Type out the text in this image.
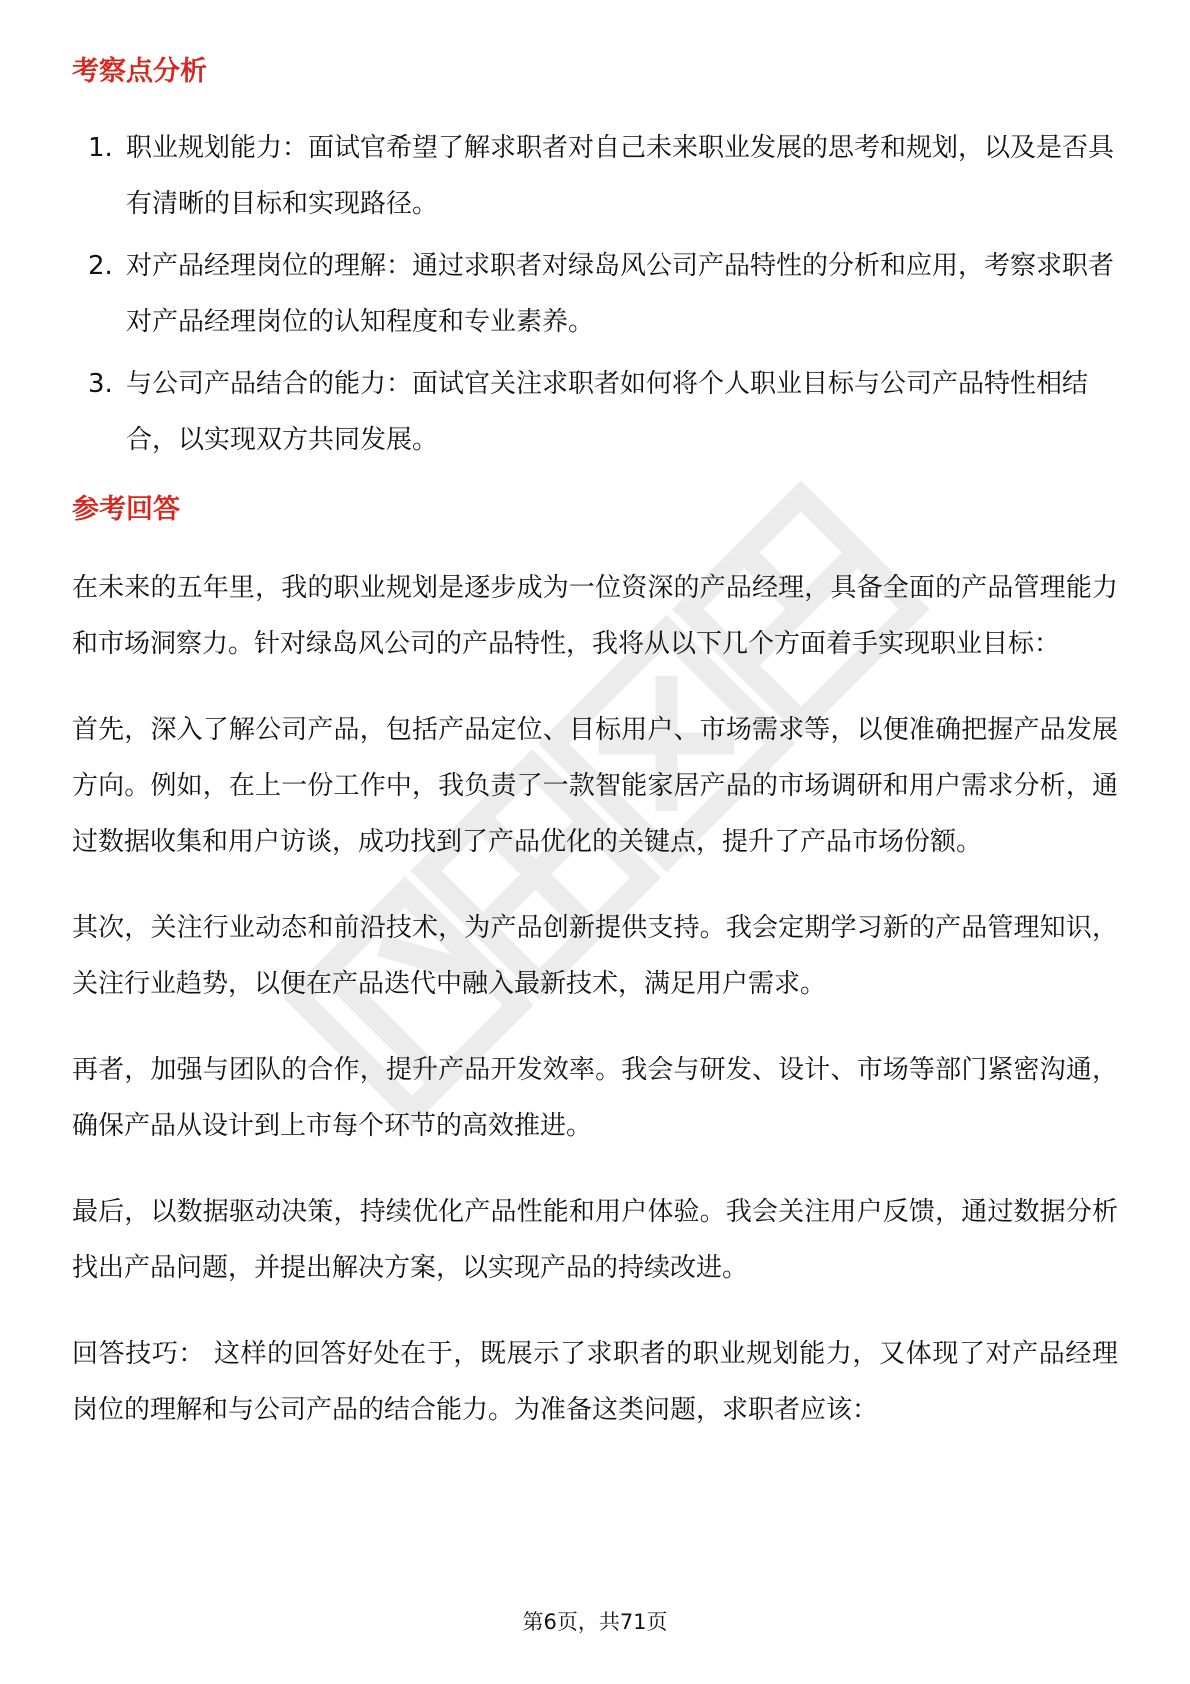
考察点分析
1. 职业规划能力：面试官希望了解求职者对自己未来职业发展的思考和规划，以及是否具有清晰的目标和实现路径。
2. 对产品经理岗位的理解：通过求职者对绿岛风公司产品特性的分析和应用，考察求职者对产品经理岗位的认知程度和专业素养。
3. 与公司产品结合的能力：面试官关注求职者如何将个人职业目标与公司产品特性相结合，以实现双方共同发展。
参考回答

在未来的五年里，我的职业规划是逐步成为一位资深的产品经理，具备全面的产品管理能力和市场洞察力。针对绿岛风公司的产品特性，我将从以下几个方面着手实现职业目标：

首先，深入了解公司产品，包括产品定位、目标用户、市场需求等，以便准确把握产品发展方向。例如，在上一份工作中，我负责了一款智能家居产品的市场调研和用户需求分析，通过数据收集和用户访谈，成功找到了产品优化的关键点，提升了产品市场份额。

其次，关注行业动态和前沿技术，为产品创新提供支持。我会定期学习新的产品管理知识，关注行业趋势，以便在产品迭代中融入最新技术，满足用户需求。

再者，加强与团队的合作，提升产品开发效率。我会与研发、设计、市场等部门紧密沟通，确保产品从设计到上市每个环节的高效推进。

最后，以数据驱动决策，持续优化产品性能和用户体验。我会关注用户反馈，通过数据分析找出产品问题，并提出解决方案，以实现产品的持续改进。

回答技巧： 这样的回答好处在于，既展示了求职者的职业规划能力，又体现了对产品经理岗位的理解和与公司产品的结合能力。为准备这类问题，求职者应该：

第6页，共71页
